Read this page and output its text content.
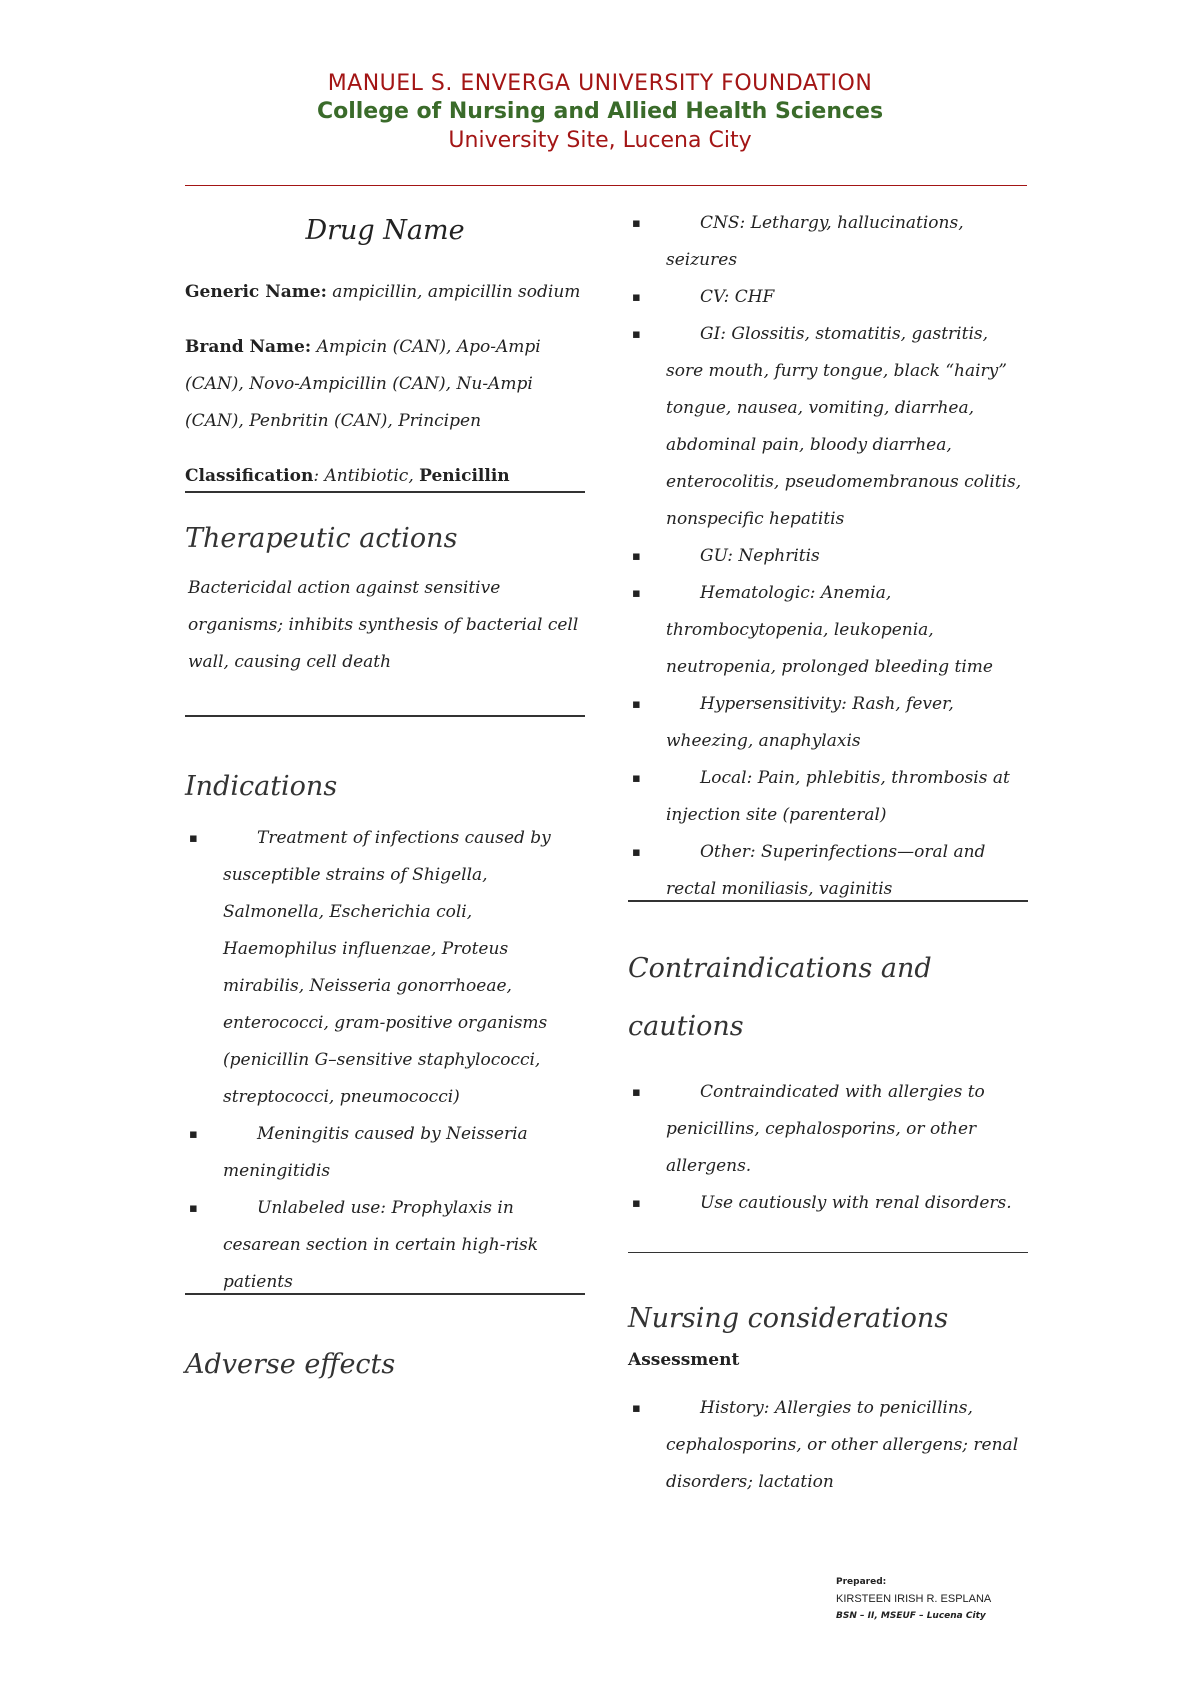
MANUEL S. ENVERGA UNIVERSITY FOUNDATION
College of Nursing and Allied Health Sciences
University Site, Lucena City
Drug Name
Generic Name: ampicillin, ampicillin sodium
Brand Name: Ampicin (CAN), Apo-Ampi (CAN), Novo-Ampicillin (CAN), Nu-Ampi (CAN), Penbritin (CAN), Principen
Classification: Antibiotic, Penicillin
Therapeutic actions
Bactericidal action against sensitive organisms; inhibits synthesis of bacterial cell wall, causing cell death
Indications
▪	Treatment of infections caused by susceptible strains of Shigella, Salmonella, Escherichia coli, Haemophilus influenzae, Proteus mirabilis, Neisseria gonorrhoeae, enterococci, gram-positive organisms (penicillin G–sensitive staphylococci, streptococci, pneumococci)
▪	Meningitis caused by Neisseria meningitidis
▪	Unlabeled use: Prophylaxis in cesarean section in certain high-risk patients
Adverse effects
▪	CNS: Lethargy, hallucinations, seizures
▪	CV: CHF
▪	GI: Glossitis, stomatitis, gastritis, sore mouth, furry tongue, black “hairy” tongue, nausea, vomiting, diarrhea, abdominal pain, bloody diarrhea, enterocolitis, pseudomembranous colitis, nonspecific hepatitis
▪	GU: Nephritis
▪	Hematologic: Anemia, thrombocytopenia, leukopenia, neutropenia, prolonged bleeding time
▪	Hypersensitivity: Rash, fever, wheezing, anaphylaxis
▪	Local: Pain, phlebitis, thrombosis at injection site (parenteral)
▪	Other: Superinfections—oral and rectal moniliasis, vaginitis
Contraindications and cautions
▪	Contraindicated with allergies to penicillins, cephalosporins, or other allergens.
▪	Use cautiously with renal disorders.
Nursing considerations
Assessment
▪	History: Allergies to penicillins, cephalosporins, or other allergens; renal disorders; lactation
Prepared:
KIRSTEEN IRISH R. ESPLANA
BSN – II, MSEUF – Lucena City
